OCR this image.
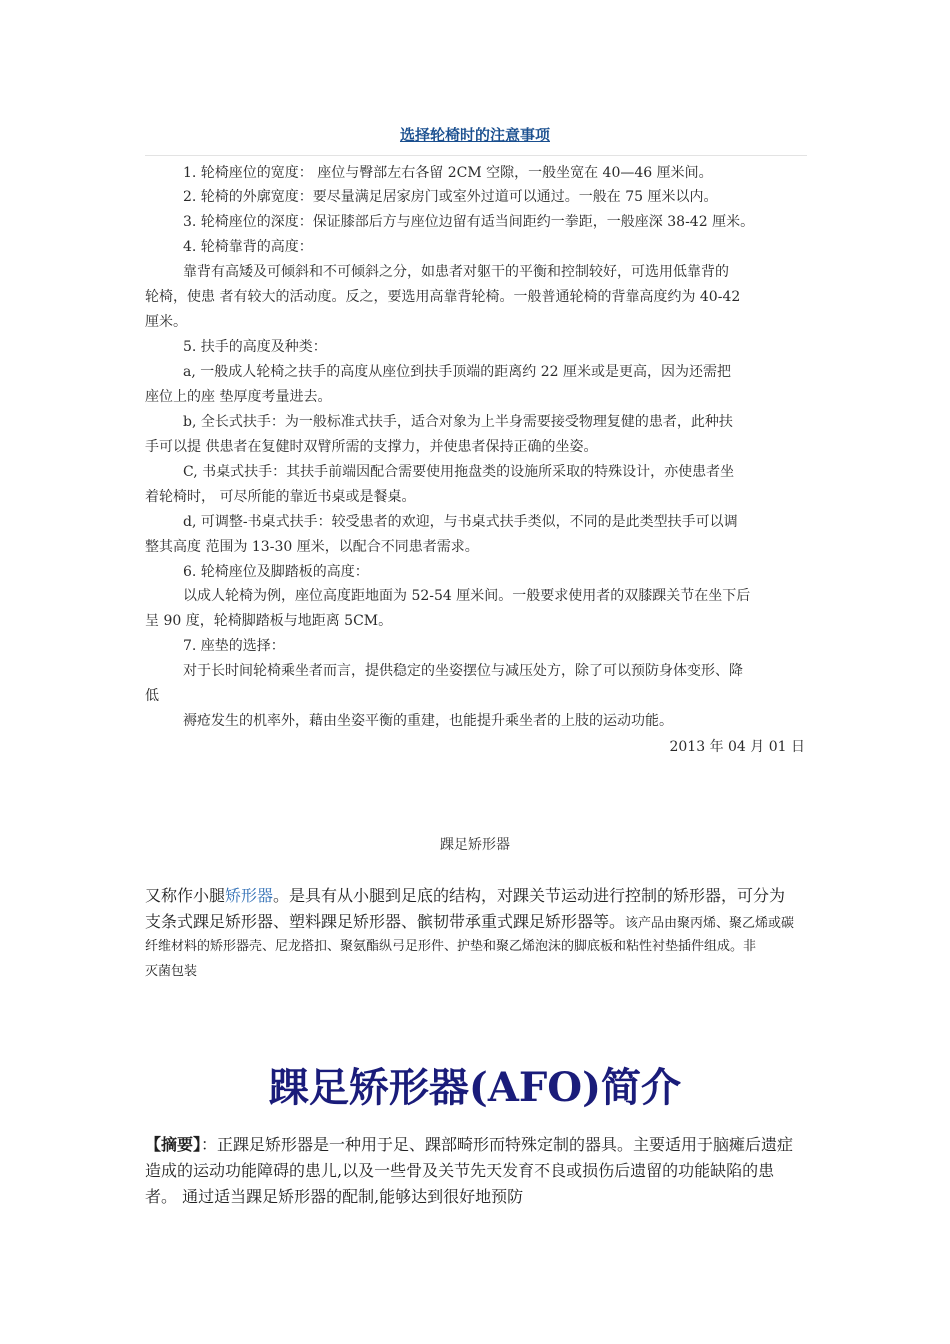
选择轮椅时的注意事项
1. 轮椅座位的宽度： 座位与臀部左右各留 2CM 空隙，一般坐宽在 40—46 厘米间。
2. 轮椅的外廓宽度：要尽量满足居家房门或室外过道可以通过。一般在 75 厘米以内。
3. 轮椅座位的深度：保证膝部后方与座位边留有适当间距约一拳距，一般座深 38-42 厘米。
4. 轮椅靠背的高度：
靠背有高矮及可倾斜和不可倾斜之分，如患者对躯干的平衡和控制较好，可选用低靠背的
轮椅，使患 者有较大的活动度。反之，要选用高靠背轮椅。一般普通轮椅的背靠高度约为 40-42
厘米。
5. 扶手的高度及种类：
a, 一般成人轮椅之扶手的高度从座位到扶手顶端的距离约 22 厘米或是更高，因为还需把
座位上的座 垫厚度考量进去。
b, 全长式扶手：为一般标准式扶手，适合对象为上半身需要接受物理复健的患者，此种扶
手可以提 供患者在复健时双臂所需的支撑力，并使患者保持正确的坐姿。
C, 书桌式扶手：其扶手前端因配合需要使用拖盘类的设施所采取的特殊设计，亦使患者坐
着轮椅时， 可尽所能的靠近书桌或是餐桌。
d, 可调整-书桌式扶手：较受患者的欢迎，与书桌式扶手类似，不同的是此类型扶手可以调
整其高度 范围为 13-30 厘米，以配合不同患者需求。
6. 轮椅座位及脚踏板的高度：
以成人轮椅为例，座位高度距地面为 52-54 厘米间。一般要求使用者的双膝踝关节在坐下后
呈 90 度，轮椅脚踏板与地距离 5CM。
7. 座垫的选择：
对于长时间轮椅乘坐者而言，提供稳定的坐姿摆位与减压处方，除了可以预防身体变形、降
低
褥疮发生的机率外，藉由坐姿平衡的重建，也能提升乘坐者的上肢的运动功能。
2013 年 04 月 01 日
踝足矫形器
又称作小腿矫形器。是具有从小腿到足底的结构，对踝关节运动进行控制的矫形器，可分为
支条式踝足矫形器、塑料踝足矫形器、髌韧带承重式踝足矫形器等。该产品由聚丙烯、聚乙烯或碳
纤维材料的矫形器壳、尼龙搭扣、聚氨酯纵弓足形件、护垫和聚乙烯泡沫的脚底板和粘性衬垫插件组成。非
灭菌包装
踝足矫形器(AFO)简介
【摘要】：正踝足矫形器是一种用于足、踝部畸形而特殊定制的器具。主要适用于脑瘫后遗症
造成的运动功能障碍的患儿,以及一些骨及关节先天发育不良或损伤后遗留的功能缺陷的患
者。 通过适当踝足矫形器的配制,能够达到很好地预防
